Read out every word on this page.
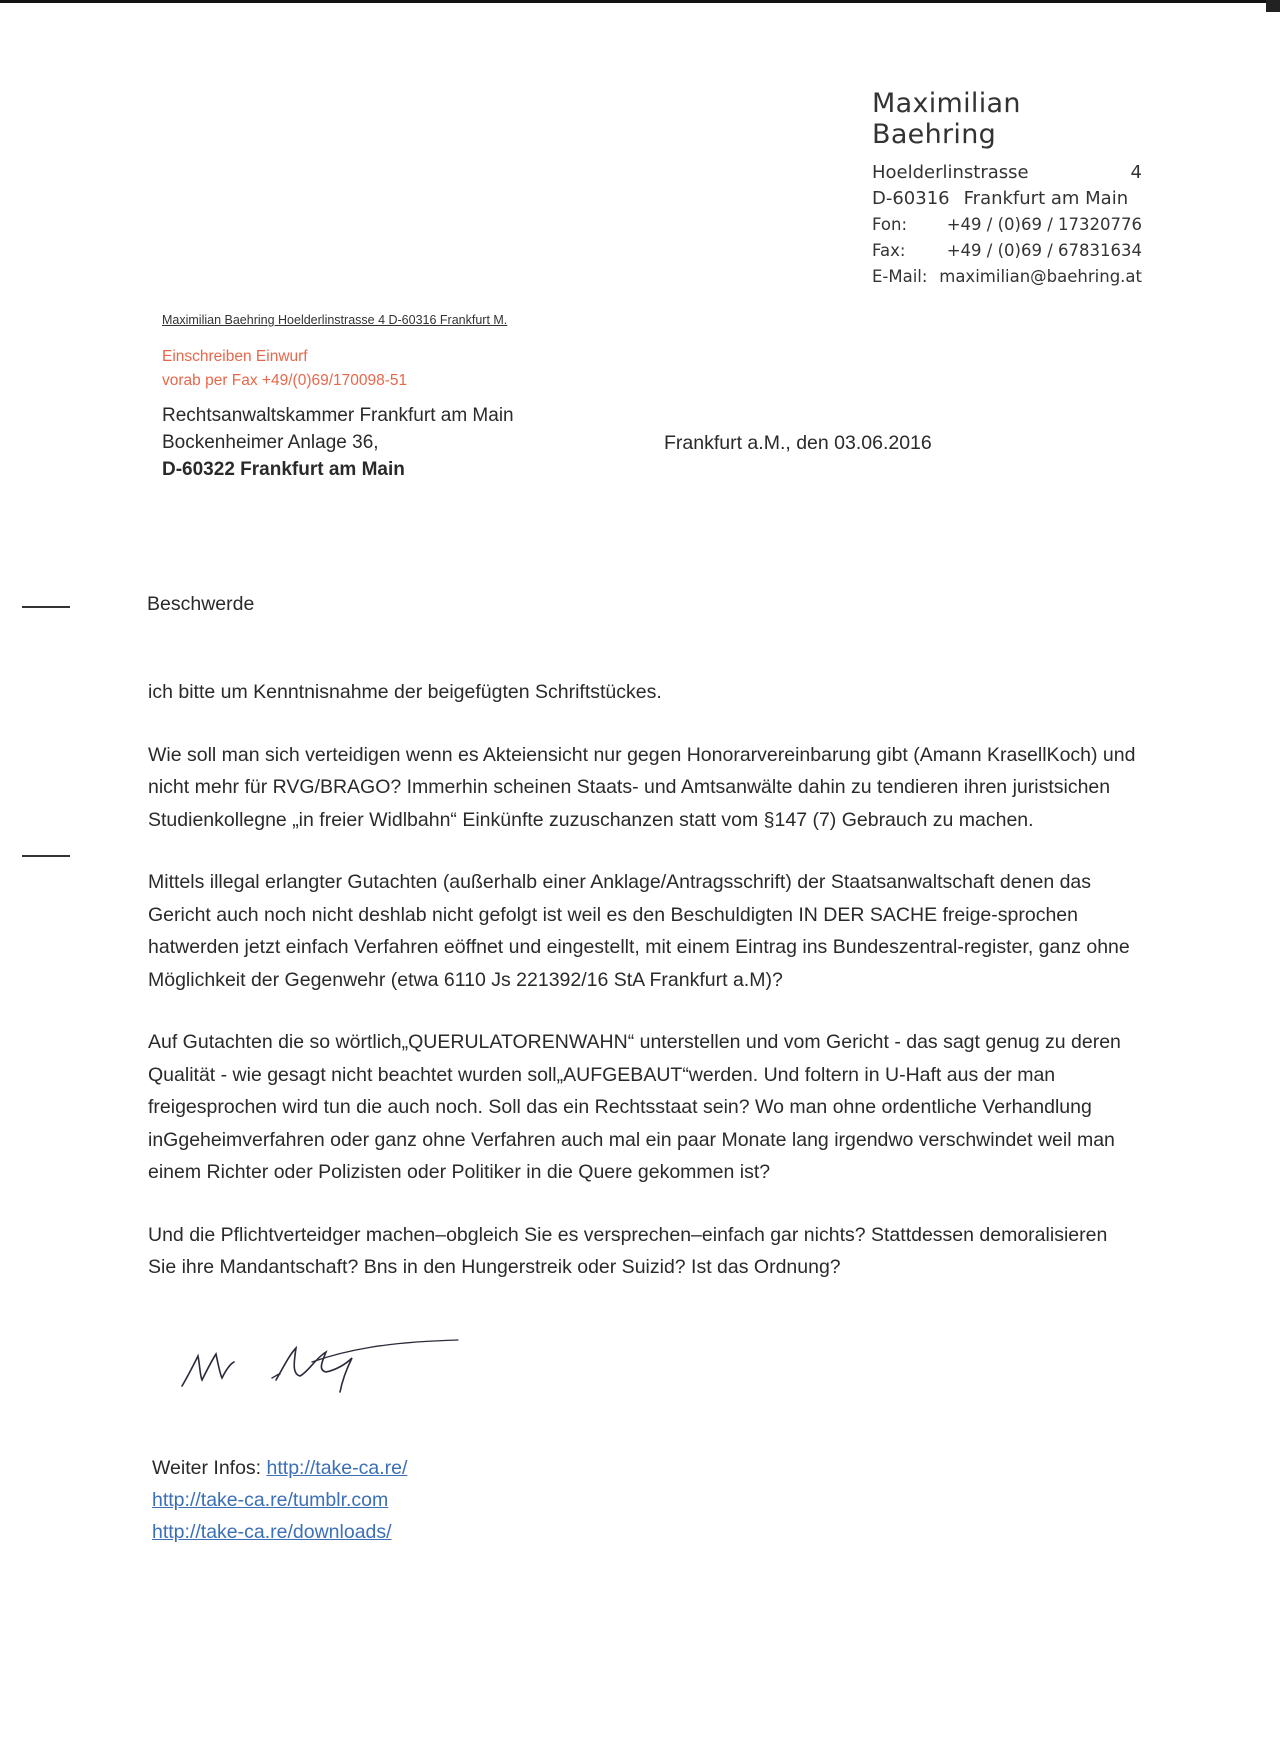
Maximilian Baehring
Hoelderlinstrasse	4
D-60316 Frankfurt am Main
Fon:	+49 / (0)69 / 17320776
Fax:	+49 / (0)69 / 67831634
E-Mail: maximilian@baehring.at
Maximilian Baehring Hoelderlinstrasse 4 D-60316 Frankfurt M.
Einschreiben Einwurf
vorab per Fax +49/(0)69/170098-51
Rechtsanwaltskammer Frankfurt am Main
Bockenheimer Anlage 36,
D-60322 Frankfurt am Main
Frankfurt a.M., den 03.06.2016
Beschwerde

ich bitte um Kenntnisnahme der beigefügten Schriftstückes.

Wie soll man sich verteidigen wenn es Akteiensicht nur gegen Honorarvereinbarung gibt (Amann KrasellKoch) und nicht mehr für RVG/BRAGO? Immerhin scheinen Staats- und Amtsanwälte dahin zu tendieren ihren juristsichen Studienkollegne „in freier Widlbahn“ Einkünfte zuzuschanzen statt vom §147 (7) Gebrauch zu machen.

Mittels illegal erlangter Gutachten (außerhalb einer Anklage/Antragsschrift) der Staatsanwaltschaft denen das Gericht auch noch nicht deshlab nicht gefolgt ist weil es den Beschuldigten IN DER SACHE freige-sprochen hatwerden jetzt einfach Verfahren eöffnet und eingestellt, mit einem Eintrag ins Bundeszentral-register, ganz ohne Möglichkeit der Gegenwehr (etwa 6110 Js 221392/16 StA Frankfurt a.M)?

Auf Gutachten die so wörtlich„QUERULATORENWAHN“ unterstellen und vom Gericht - das sagt genug zu deren Qualität - wie gesagt nicht beachtet wurden soll„AUFGEBAUT“werden. Und foltern in U-Haft aus der man freigesprochen wird tun die auch noch. Soll das ein Rechtsstaat sein? Wo man ohne ordentliche Verhandlung inGgeheimverfahren oder ganz ohne Verfahren auch mal ein paar Monate lang irgendwo verschwindet weil man einem Richter oder Polizisten oder Politiker in die Quere gekommen ist?

Und die Pflichtverteidger machen–obgleich Sie es versprechen–einfach gar nichts? Stattdessen demoralisieren Sie ihre Mandantschaft? Bns in den Hungerstreik oder Suizid? Ist das Ordnung?

Weiter Infos: http://take-ca.re/
http://take-ca.re/tumblr.com
http://take-ca.re/downloads/
